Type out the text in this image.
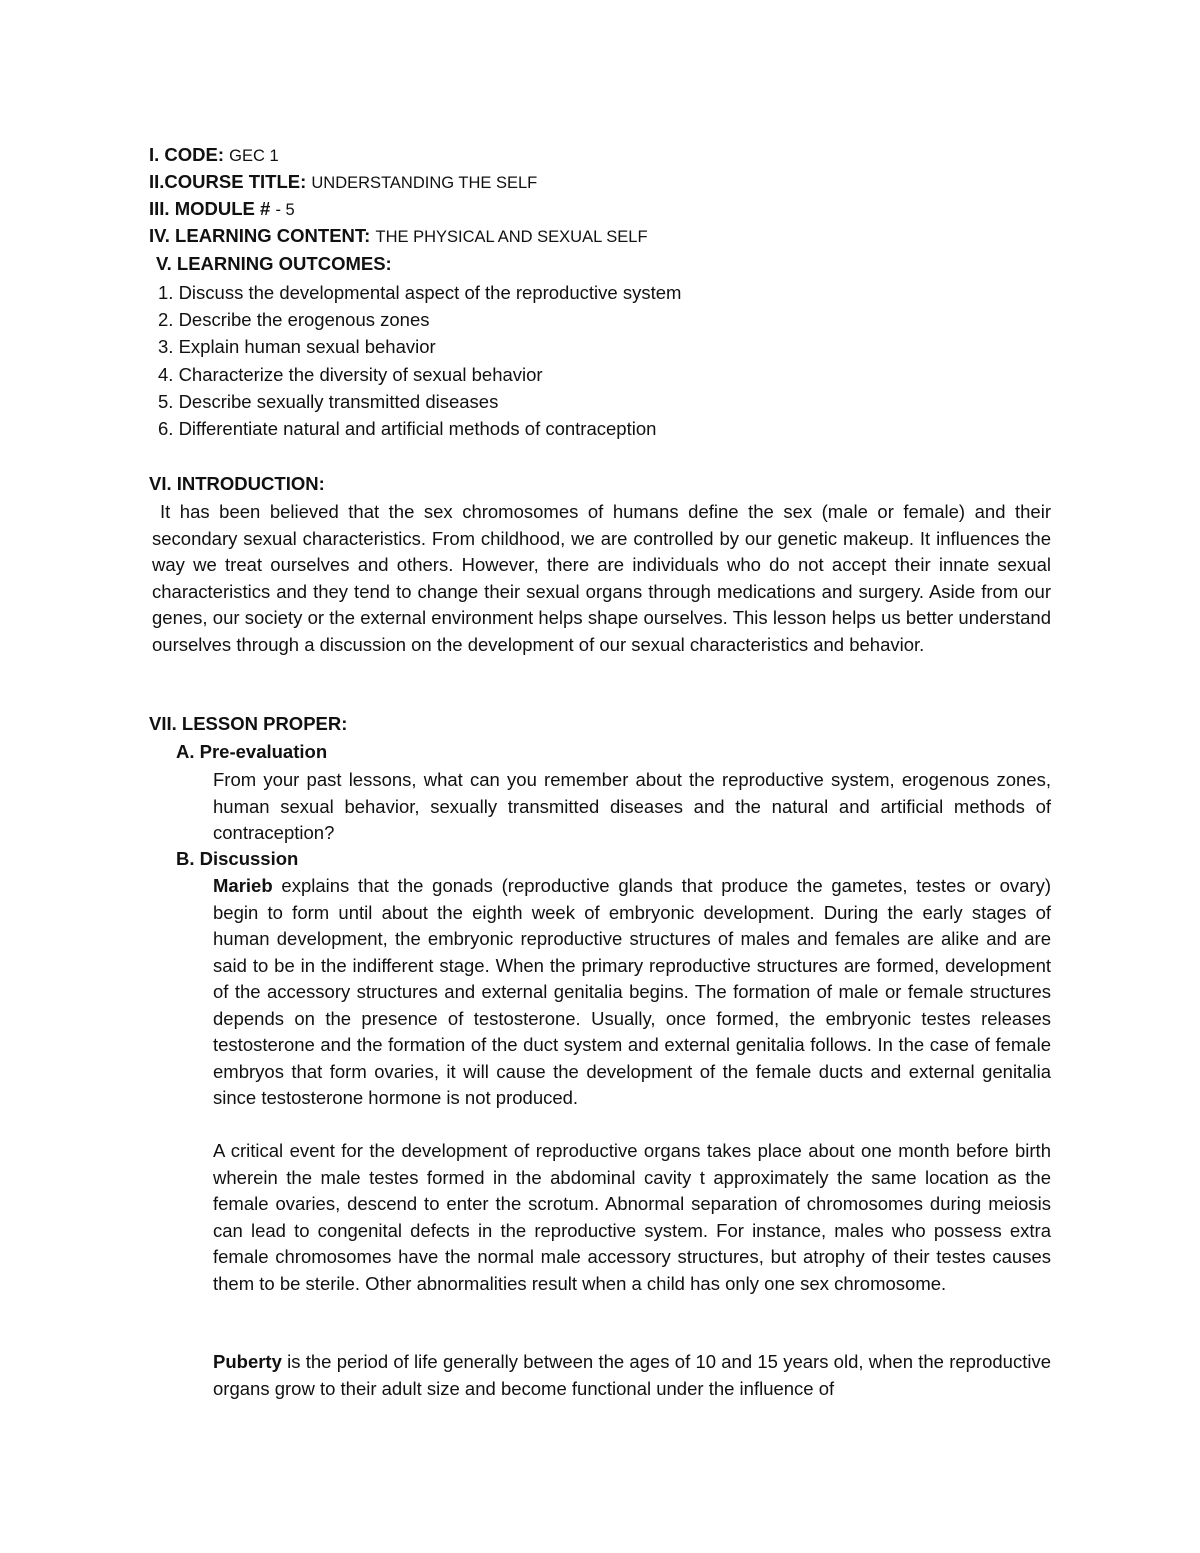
I. CODE: GEC 1
II.COURSE TITLE: UNDERSTANDING THE SELF
III. MODULE # - 5
IV. LEARNING CONTENT: THE PHYSICAL AND SEXUAL SELF
V. LEARNING OUTCOMES:
1. Discuss the developmental aspect of the reproductive system
2. Describe the erogenous zones
3. Explain human sexual behavior
4. Characterize the diversity of sexual behavior
5. Describe sexually transmitted diseases
6. Differentiate natural and artificial methods of contraception
VI. INTRODUCTION:
It has been believed that the sex chromosomes of humans define the sex (male or female) and their secondary sexual characteristics. From childhood, we are controlled by our genetic makeup. It influences the way we treat ourselves and others. However, there are individuals who do not accept their innate sexual characteristics and they tend to change their sexual organs through medications and surgery. Aside from our genes, our society or the external environment helps shape ourselves. This lesson helps us better understand ourselves through a discussion on the development of our sexual characteristics and behavior.
VII. LESSON PROPER:
A. Pre-evaluation
From your past lessons, what can you remember about the reproductive system, erogenous zones, human sexual behavior, sexually transmitted diseases and the natural and artificial methods of contraception?
B. Discussion
Marieb explains that the gonads (reproductive glands that produce the gametes, testes or ovary) begin to form until about the eighth week of embryonic development. During the early stages of human development, the embryonic reproductive structures of males and females are alike and are said to be in the indifferent stage. When the primary reproductive structures are formed, development of the accessory structures and external genitalia begins. The formation of male or female structures depends on the presence of testosterone. Usually, once formed, the embryonic testes releases testosterone and the formation of the duct system and external genitalia follows. In the case of female embryos that form ovaries, it will cause the development of the female ducts and external genitalia since testosterone hormone is not produced.
A critical event for the development of reproductive organs takes place about one month before birth wherein the male testes formed in the abdominal cavity t approximately the same location as the female ovaries, descend to enter the scrotum. Abnormal separation of chromosomes during meiosis can lead to congenital defects in the reproductive system. For instance, males who possess extra female chromosomes have the normal male accessory structures, but atrophy of their testes causes them to be sterile. Other abnormalities result when a child has only one sex chromosome.
Puberty is the period of life generally between the ages of 10 and 15 years old, when the reproductive organs grow to their adult size and become functional under the influence of
